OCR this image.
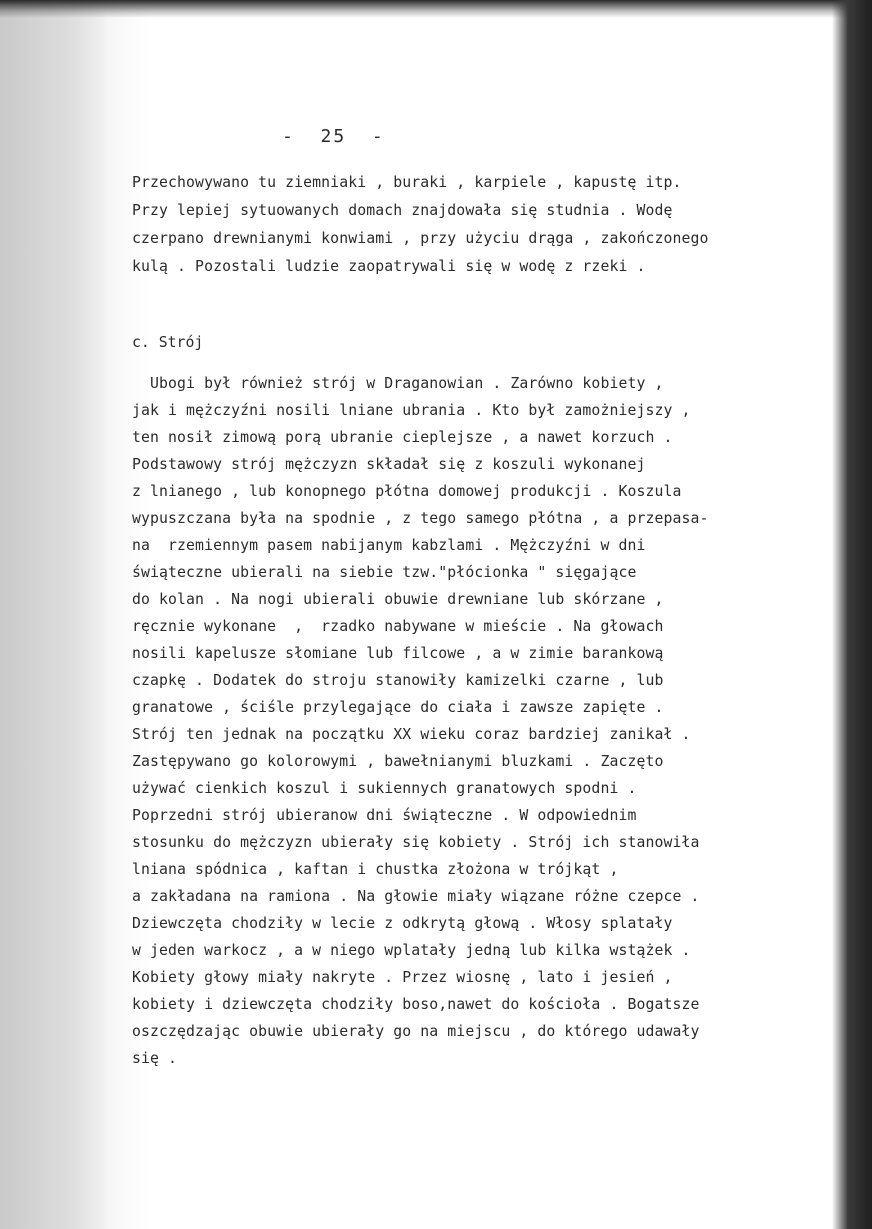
-  25  -
Przechowywano tu ziemniaki , buraki , karpiele , kapustę itp.
Przy lepiej sytuowanych domach znajdowała się studnia . Wodę
czerpano drewnianymi konwiami , przy użyciu drąga , zakończonego
kulą . Pozostali ludzie zaopatrywali się w wodę z rzeki .
c. Strój
Ubogi był również strój w Draganowian . Zarówno kobiety ,
jak i mężczyźni nosili lniane ubrania . Kto był zamożniejszy ,
ten nosił zimową porą ubranie cieplejsze , a nawet korzuch .
Podstawowy strój mężczyzn składał się z koszuli wykonanej
z lnianego , lub konopnego płótna domowej produkcji . Koszula
wypuszczana była na spodnie , z tego samego płótna , a przepasa-
na  rzemiennym pasem nabijanym kabzlami . Mężczyźni w dni
świąteczne ubierali na siebie tzw."płócionka " sięgające
do kolan . Na nogi ubierali obuwie drewniane lub skórzane ,
ręcznie wykonane  ,  rzadko nabywane w mieście . Na głowach
nosili kapelusze słomiane lub filcowe , a w zimie barankową
czapkę . Dodatek do stroju stanowiły kamizelki czarne , lub
granatowe , ściśle przylegające do ciała i zawsze zapięte .
Strój ten jednak na początku XX wieku coraz bardziej zanikał .
Zastępywano go kolorowymi , bawełnianymi bluzkami . Zaczęto
używać cienkich koszul i sukiennych granatowych spodni .
Poprzedni strój ubieranow dni świąteczne . W odpowiednim
stosunku do mężczyzn ubierały się kobiety . Strój ich stanowiła
lniana spódnica , kaftan i chustka złożona w trójkąt ,
a zakładana na ramiona . Na głowie miały wiązane różne czepce .
Dziewczęta chodziły w lecie z odkrytą głową . Włosy splatały
w jeden warkocz , a w niego wplatały jedną lub kilka wstążek .
Kobiety głowy miały nakryte . Przez wiosnę , lato i jesień ,
kobiety i dziewczęta chodziły boso,nawet do kościoła . Bogatsze
oszczędzając obuwie ubierały go na miejscu , do którego udawały
się .
